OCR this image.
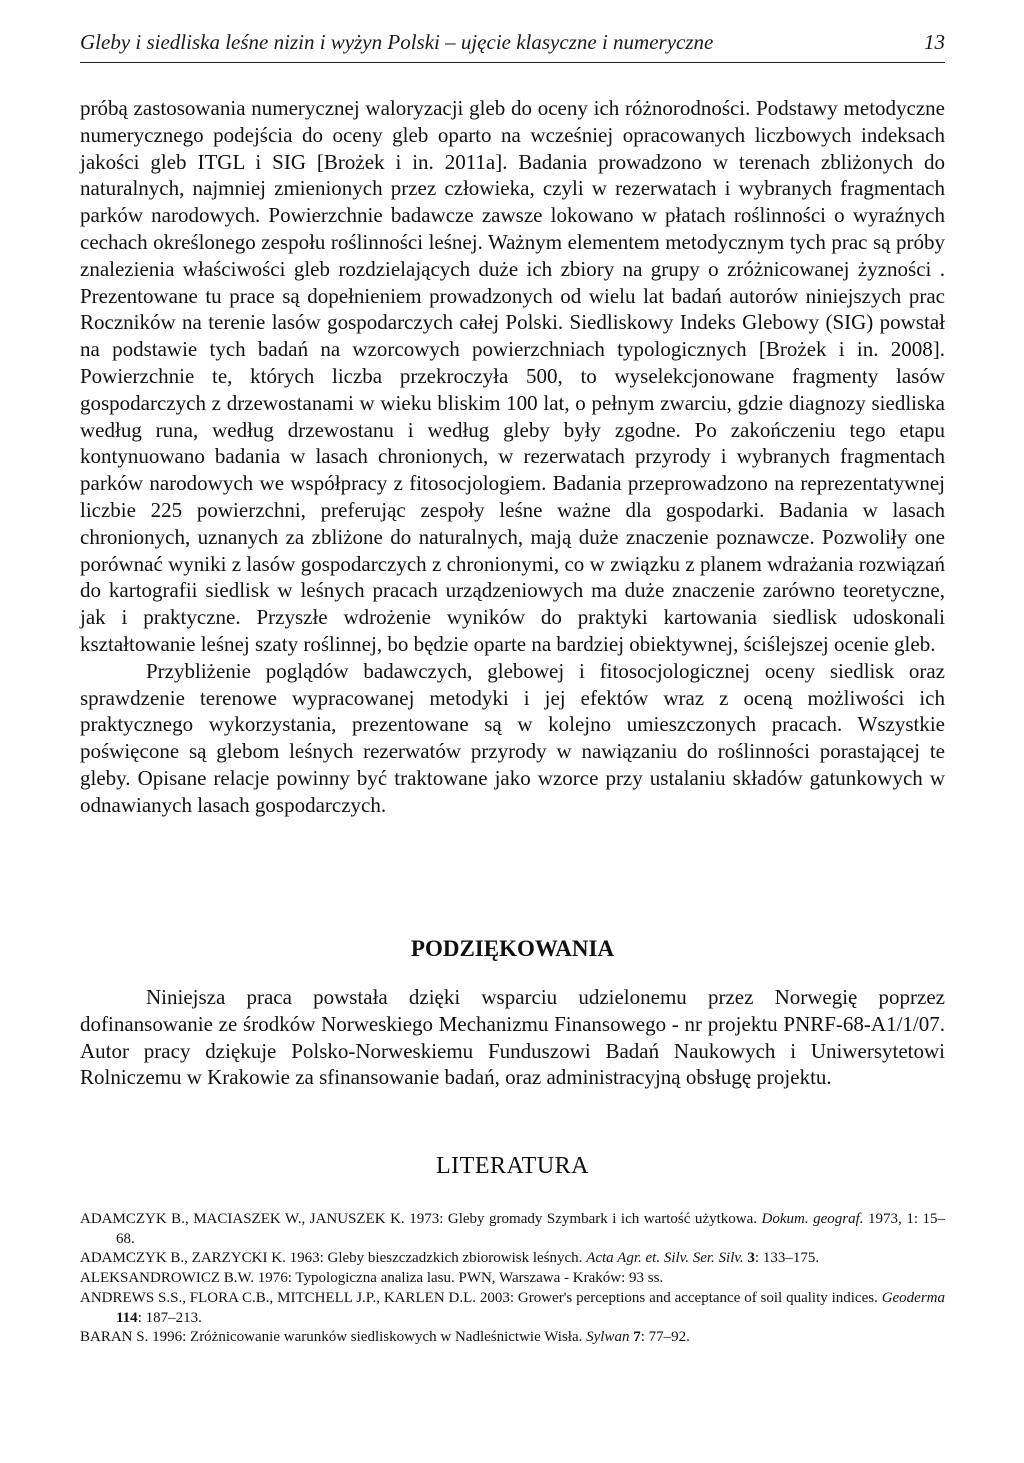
Gleby i siedliska leśne nizin i wyżyn Polski – ujęcie klasyczne i numeryczne	13

próbą zastosowania numerycznej waloryzacji gleb do oceny ich różnorodności. Podstawy metodyczne numerycznego podejścia do oceny gleb oparto na wcześniej opracowanych liczbowych indeksach jakości gleb ITGL i SIG [Brożek i in. 2011a]. Badania prowadzono w terenach zbliżonych do naturalnych, najmniej zmienionych przez człowieka, czyli w rezerwatach i wybranych fragmentach parków narodowych. Powierzchnie badawcze zawsze lokowano w płatach roślinności o wyraźnych cechach określonego zespołu roślinności leśnej. Ważnym elementem metodycznym tych prac są próby znalezienia właściwości gleb rozdzielających duże ich zbiory na grupy o zróżnicowanej żyzności . Prezentowane tu prace są dopełnieniem prowadzonych od wielu lat badań autorów niniejszych prac Roczników na terenie lasów gospodarczych całej Polski. Siedliskowy Indeks Glebowy (SIG) powstał na podstawie tych badań na wzorcowych powierzchniach typologicznych [Brożek i in. 2008]. Powierzchnie te, których liczba przekroczyła 500, to wyselekcjonowane fragmenty lasów gospodarczych z drzewostanami w wieku bliskim 100 lat, o pełnym zwarciu, gdzie diagnozy siedliska według runa, według drzewostanu i według gleby były zgodne. Po zakończeniu tego etapu kontynuowano badania w lasach chronionych, w rezerwatach przyrody i wybranych fragmentach parków narodowych we współpracy z fitosocjologiem. Badania przeprowadzono na reprezentatywnej liczbie 225 powierzchni, preferując zespoły leśne ważne dla gospodarki. Badania w lasach chronionych, uznanych za zbliżone do naturalnych, mają duże znaczenie poznawcze. Pozwoliły one porównać wyniki z lasów gospodarczych z chronionymi, co w związku z planem wdrażania rozwiązań do kartografii siedlisk w leśnych pracach urządzeniowych ma duże znaczenie zarówno teoretyczne, jak i praktyczne. Przyszłe wdrożenie wyników do praktyki kartowania siedlisk udoskonali kształtowanie leśnej szaty roślinnej, bo będzie oparte na bardziej obiektywnej, ściślejszej ocenie gleb.

Przybliżenie poglądów badawczych, glebowej i fitosocjologicznej oceny siedlisk oraz sprawdzenie terenowe wypracowanej metodyki i jej efektów wraz z oceną możliwości ich praktycznego wykorzystania, prezentowane są w kolejno umieszczonych pracach. Wszystkie poświęcone są glebom leśnych rezerwatów przyrody w nawiązaniu do roślinności porastającej te gleby. Opisane relacje powinny być traktowane jako wzorce przy ustalaniu składów gatunkowych w odnawianych lasach gospodarczych.

PODZIĘKOWANIA

Niniejsza praca powstała dzięki wsparciu udzielonemu przez Norwegię poprzez dofinansowanie ze środków Norweskiego Mechanizmu Finansowego - nr projektu PNRF-68-A1/1/07. Autor pracy dziękuje Polsko-Norweskiemu Funduszowi Badań Naukowych i Uniwersytetowi Rolniczemu w Krakowie za sfinansowanie badań, oraz administracyjną obsługę projektu.

LITERATURA

ADAMCZYK B., MACIASZEK W., JANUSZEK K. 1973: Gleby gromady Szymbark i ich wartość użytkowa. Dokum. geograf. 1973, 1: 15–68.

ADAMCZYK B., ZARZYCKI K. 1963: Gleby bieszczadzkich zbiorowisk leśnych. Acta Agr. et. Silv. Ser. Silv. 3: 133–175.

ALEKSANDROWICZ B.W. 1976: Typologiczna analiza lasu. PWN, Warszawa - Kraków: 93 ss.

ANDREWS S.S., FLORA C.B., MITCHELL J.P., KARLEN D.L. 2003: Grower's perceptions and acceptance of soil quality indices. Geoderma 114: 187–213.

BARAN S. 1996: Zróżnicowanie warunków siedliskowych w Nadleśnictwie Wisła. Sylwan 7: 77–92.
